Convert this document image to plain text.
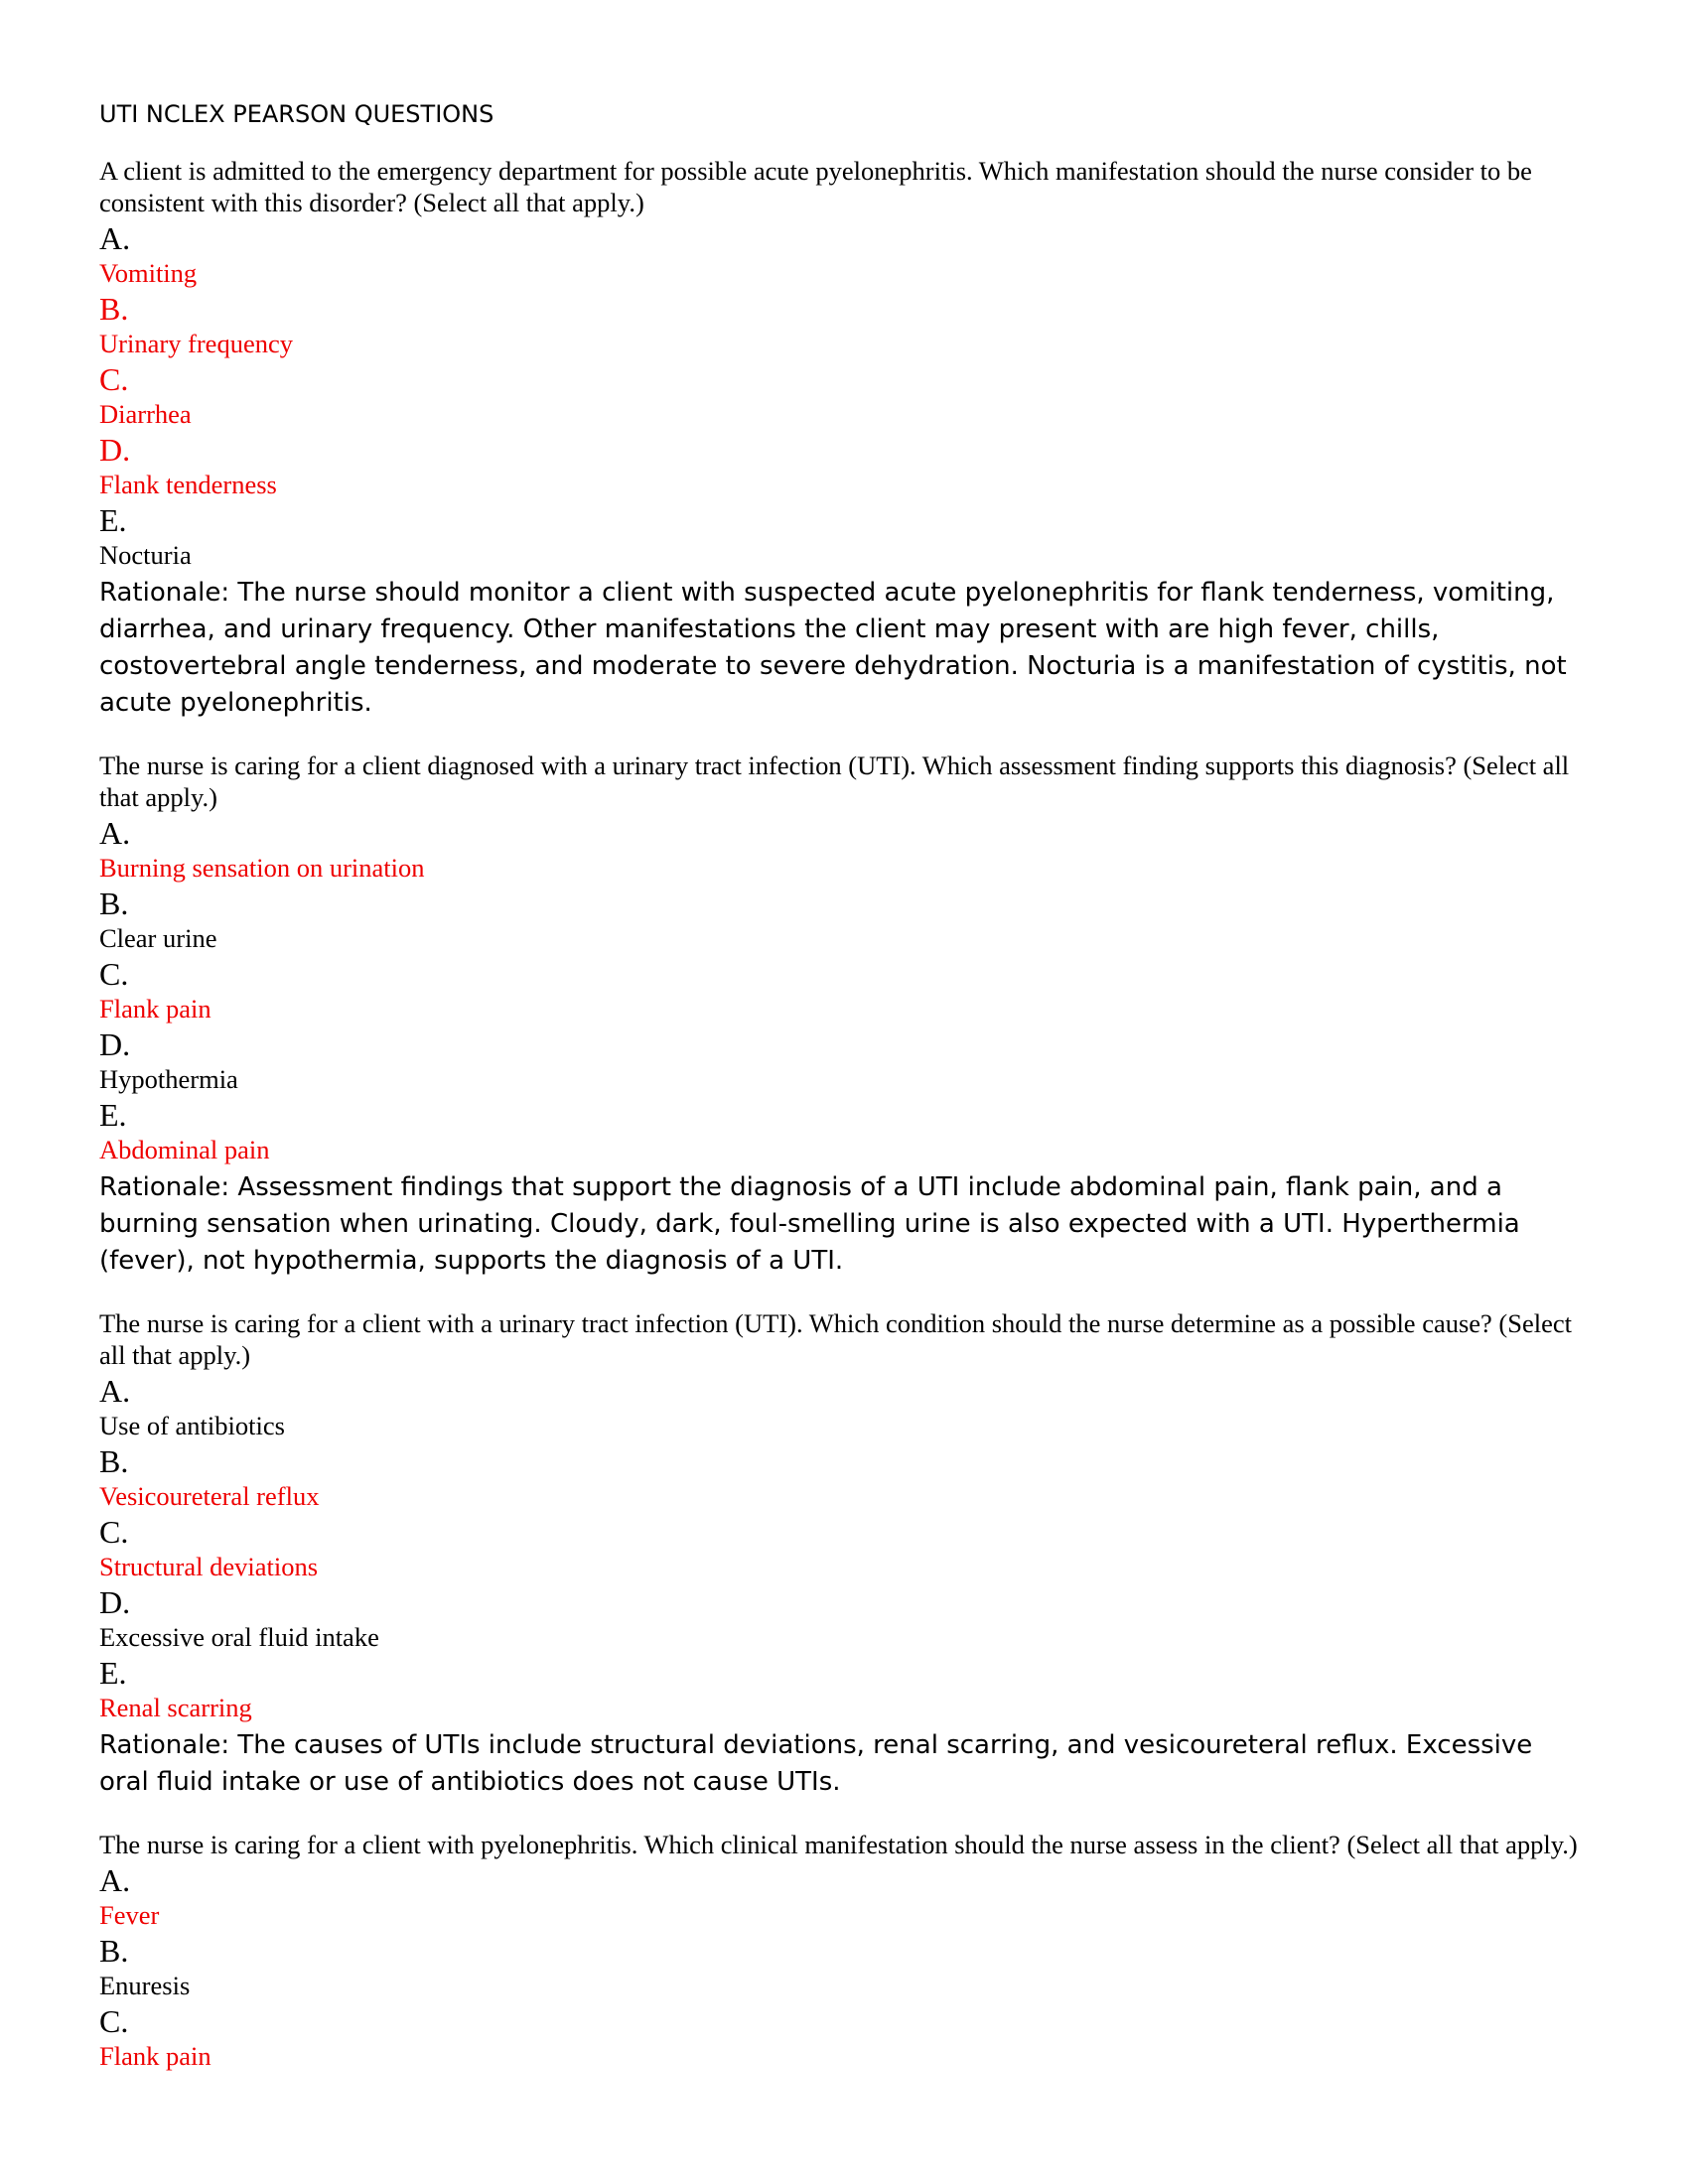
UTI NCLEX PEARSON QUESTIONS

A client is admitted to the emergency department for possible acute pyelonephritis. Which manifestation should the nurse consider to be consistent with this disorder? (Select all that apply.)

A.
Vomiting
B.
Urinary frequency
C.
Diarrhea
D.
Flank tenderness
E.
Nocturia

Rationale: The nurse should monitor a client with suspected acute pyelonephritis for flank tenderness, vomiting, diarrhea, and urinary frequency. Other manifestations the client may present with are high fever, chills, costovertebral angle tenderness, and moderate to severe dehydration. Nocturia is a manifestation of cystitis, not acute pyelonephritis.

The nurse is caring for a client diagnosed with a urinary tract infection (UTI). Which assessment finding supports this diagnosis? (Select all that apply.)

A.
Burning sensation on urination
B.
Clear urine
C.
Flank pain
D.
Hypothermia
E.
Abdominal pain

Rationale: Assessment findings that support the diagnosis of a UTI include abdominal pain, flank pain, and a burning sensation when urinating. Cloudy, dark, foul-smelling urine is also expected with a UTI. Hyperthermia (fever), not hypothermia, supports the diagnosis of a UTI.

The nurse is caring for a client with a urinary tract infection (UTI). Which condition should the nurse determine as a possible cause? (Select all that apply.)

A.
Use of antibiotics
B.
Vesicoureteral reflux
C.
Structural deviations
D.
Excessive oral fluid intake
E.
Renal scarring

Rationale: The causes of UTIs include structural deviations, renal scarring, and vesicoureteral reflux. Excessive oral fluid intake or use of antibiotics does not cause UTIs.

The nurse is caring for a client with pyelonephritis. Which clinical manifestation should the nurse assess in the client? (Select all that apply.)

A.
Fever
B.
Enuresis
C.
Flank pain
